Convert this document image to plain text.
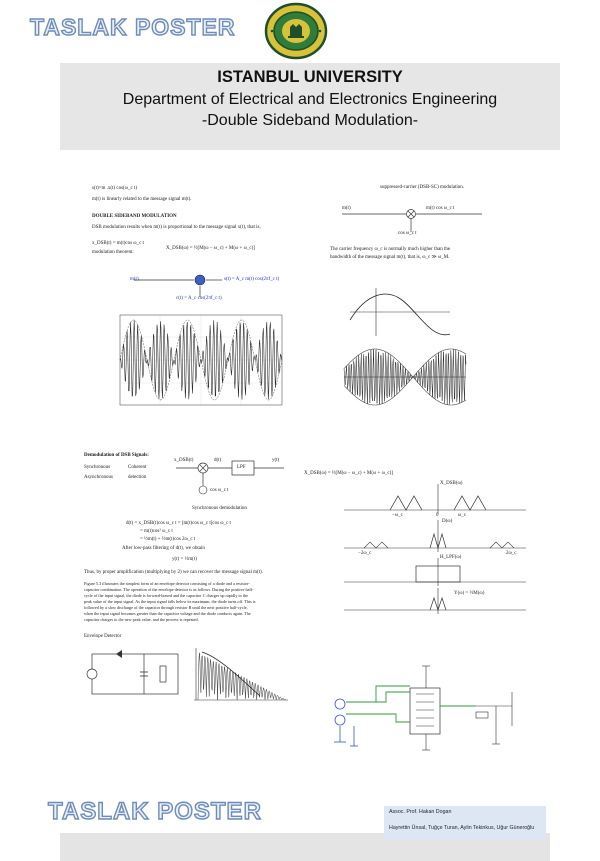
TASLAK POSTER
ISTANBUL UNIVERSITY
Department of Electrical and Electronics Engineering
-Double Sideband Modulation-
s(t)=m .x(t) cos(ω_c t)
m(t) is linearly related to the message signal m(t).
DOUBLE SIDEBAND MODULATION
DSB modulation results when m(t) is proportional to the message signal x(t), that is,
x_DSB(t) = m(t)cos ω_c t
modulation theorem:
X_DSB(ω) = ½[M(ω − ω_c) + M(ω + ω_c)]
m(t)	s(t) = A_c m(t) cos(2πf_c t)
c(t) = A_c cos(2πf_c t)
suppressed-carrier (DSB-SC) modulation.
m(t)	m(t) cos ω_c t
cos ω_c t
The carrier frequency ω_c is normally much higher than the
bandwidth of the message signal m(t), that is, ω_c ≫ ω_M.
Demodulation of DSB Signals:
Synchronous	Coherent
Asynchronous	detection
x_DSB(t)
LPF
d(t)	y(t)
cos ω_c t
Synchronous demodulation
d(t) = x_DSB(t)cos ω_c t = [m(t)cos ω_c t]cos ω_c t
= m(t)cos² ω_c t
= ½m(t) + ½m(t)cos 2ω_c t
After low-pass filtering of d(t), we obtain
y(t) = ½m(t)
Thus, by proper amplification (multiplying by 2) we can recover the message signal m(t).
Figure 5.3 illustrates the simplest form of an envelope detector consisting of a diode and a resistor-
capacitor combination. The operation of the envelope detector is as follows. During the positive half-
cycle of the input signal, the diode is forward-biased and the capacitor C charges up rapidly to the
peak value of the input signal. As the input signal falls below its maximum, the diode turns off. This is
followed by a slow discharge of the capacitor through resistor R until the next positive half-cycle,
when the input signal becomes greater than the capacitor voltage and the diode conducts again. The
capacitor charges to the new peak value, and the process is repeated.
Envelope Detector
X_DSB(ω) = ½[M(ω − ω_c) + M(ω + ω_c)]
X_DSB(ω)
−ω_c	0	ω_c
D(ω)
−2ω_c	2ω_c
H_LPF(ω)
Y(ω) = ½M(ω)
TASLAK POSTER	Assoc. Prof. Hakan Dogan
Hayrettin Ünsal, Tuğçe Turan, Aylin Tekinkus, Uğur Güneroğlu
